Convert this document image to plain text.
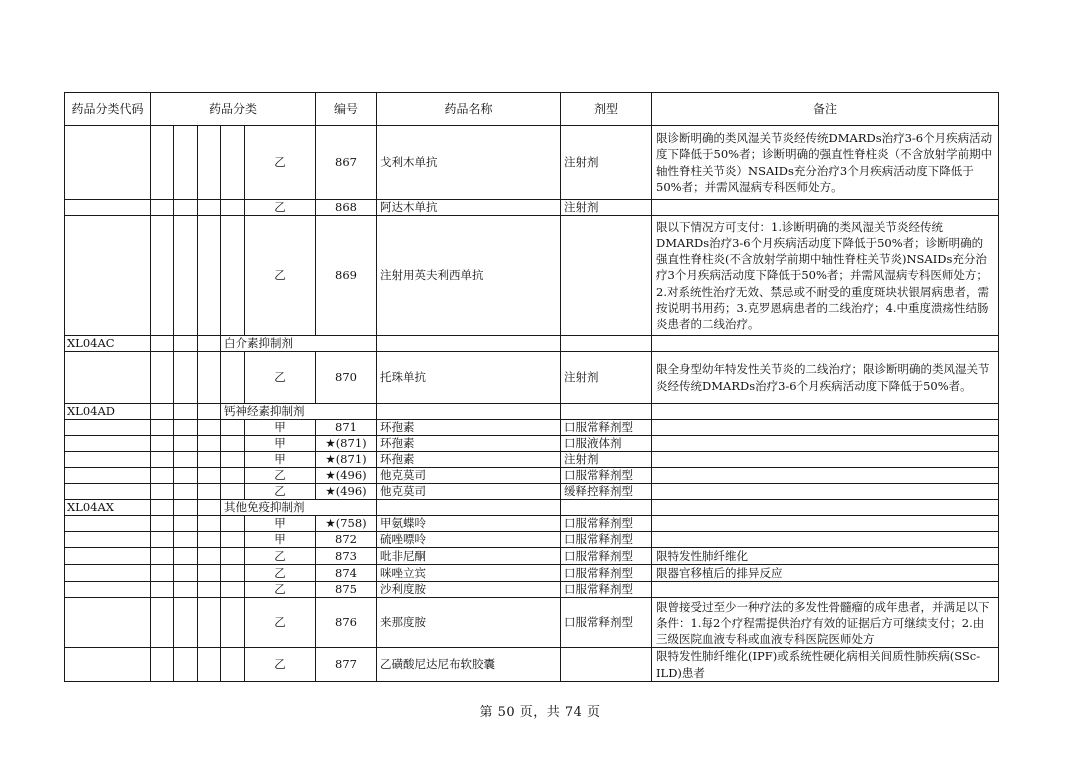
药品分类代码	药品分类					编号	药品名称	剂型	备注
					乙	867	戈利木单抗	注射剂	限诊断明确的类风湿关节炎经传统DMARDs治疗3-6个月疾病活动度下降低于50%者；诊断明确的强直性脊柱炎（不含放射学前期中轴性脊柱关节炎）NSAIDs充分治疗3个月疾病活动度下降低于50%者；并需风湿病专科医师处方。
					乙	868	阿达木单抗	注射剂	
					乙	869	注射用英夫利西单抗		限以下情况方可支付：1.诊断明确的类风湿关节炎经传统DMARDs治疗3-6个月疾病活动度下降低于50%者；诊断明确的强直性脊柱炎(不含放射学前期中轴性脊柱关节炎)NSAIDs充分治疗3个月疾病活动度下降低于50%者；并需风湿病专科医师处方；2.对系统性治疗无效、禁忌或不耐受的重度斑块状银屑病患者，需按说明书用药；3.克罗恩病患者的二线治疗；4.中重度溃疡性结肠炎患者的二线治疗。
XL04AC				白介素抑制剂					
					乙	870	托珠单抗	注射剂	限全身型幼年特发性关节炎的二线治疗；限诊断明确的类风湿关节炎经传统DMARDs治疗3-6个月疾病活动度下降低于50%者。
XL04AD				钙神经素抑制剂					
					甲	871	环孢素	口服常释剂型	
					甲	★(871)	环孢素	口服液体剂	
					甲	★(871)	环孢素	注射剂	
					乙	★(496)	他克莫司	口服常释剂型	
					乙	★(496)	他克莫司	缓释控释剂型	
XL04AX				其他免疫抑制剂					
					甲	★(758)	甲氨蝶呤	口服常释剂型	
					甲	872	硫唑嘌呤	口服常释剂型	
					乙	873	吡非尼酮	口服常释剂型	限特发性肺纤维化
					乙	874	咪唑立宾	口服常释剂型	限器官移植后的排异反应
					乙	875	沙利度胺	口服常释剂型	
					乙	876	来那度胺	口服常释剂型	限曾接受过至少一种疗法的多发性骨髓瘤的成年患者，并满足以下条件：1.每2个疗程需提供治疗有效的证据后方可继续支付；2.由三级医院血液专科或血液专科医院医师处方
					乙	877	乙磺酸尼达尼布软胶囊		限特发性肺纤维化(IPF)或系统性硬化病相关间质性肺疾病(SSc-ILD)患者
第 50 页，共 74 页
